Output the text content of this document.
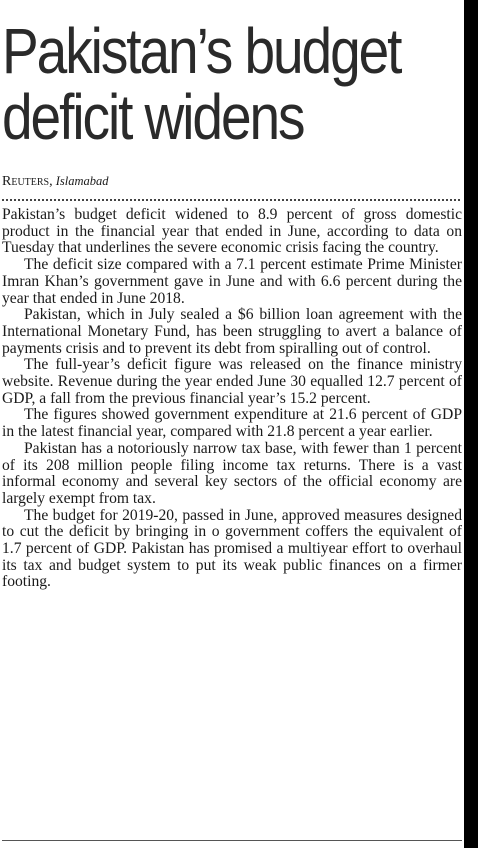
Pakistan’s budget
deficit widens
Reuters, Islamabad

Pakistan’s budget deficit widened to 8.9 percent of gross domestic product in the financial year that ended in June, according to data on Tuesday that underlines the severe economic crisis facing the country.

The deficit size compared with a 7.1 percent estimate Prime Minister Imran Khan’s government gave in June and with 6.6 percent during the year that ended in June 2018.

Pakistan, which in July sealed a $6 billion loan agreement with the International Monetary Fund, has been struggling to avert a balance of payments crisis and to prevent its debt from spiralling out of control.

The full-year’s deficit figure was released on the finance ministry website. Revenue during the year ended June 30 equalled 12.7 percent of GDP, a fall from the previous financial year’s 15.2 percent.

The figures showed government expenditure at 21.6 percent of GDP in the latest financial year, compared with 21.8 percent a year earlier.

Pakistan has a notoriously narrow tax base, with fewer than 1 percent of its 208 million people filing income tax returns. There is a vast informal economy and several key sectors of the official economy are largely exempt from tax.

The budget for 2019-20, passed in June, approved measures designed to cut the deficit by bringing in o government coffers the equivalent of 1.7 percent of GDP. Pakistan has promised a multiyear effort to overhaul its tax and budget system to put its weak public finances on a firmer footing.
